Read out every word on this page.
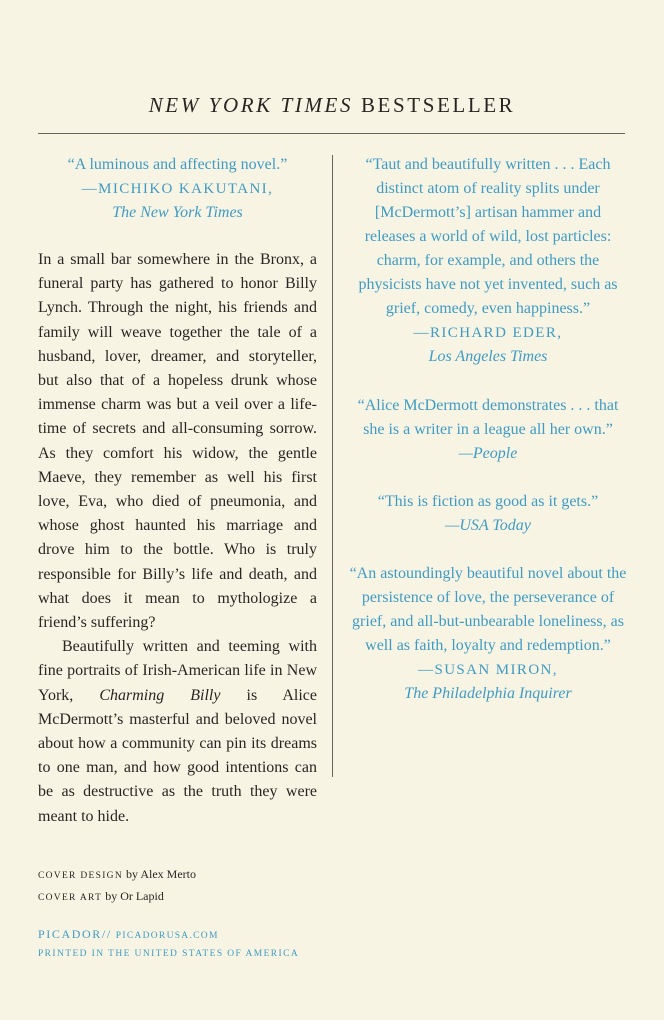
NEW YORK TIMES BESTSELLER
“A luminous and affecting novel.”
—MICHIKO KAKUTANI,
The New York Times
“Taut and beautifully written . . . Each distinct atom of reality splits under [McDermott’s] artisan hammer and releases a world of wild, lost particles: charm, for example, and others the physicists have not yet invented, such as grief, comedy, even happiness.”
—RICHARD EDER,
Los Angeles Times
“Alice McDermott demonstrates . . . that she is a writer in a league all her own.”
—People
“This is fiction as good as it gets.”
—USA Today
“An astoundingly beautiful novel about the persistence of love, the perseverance of grief, and all-but-unbearable loneliness, as well as faith, loyalty and redemption.”
—SUSAN MIRON,
The Philadelphia Inquirer

In a small bar somewhere in the Bronx, a funeral party has gathered to honor Billy Lynch. Through the night, his friends and family will weave together the tale of a husband, lover, dreamer, and storyteller, but also that of a hopeless drunk whose immense charm was but a veil over a lifetime of secrets and all-consuming sorrow. As they comfort his widow, the gentle Maeve, they remember as well his first love, Eva, who died of pneumonia, and whose ghost haunted his marriage and drove him to the bottle. Who is truly responsible for Billy’s life and death, and what does it mean to mythologize a friend’s suffering?

Beautifully written and teeming with fine portraits of Irish-American life in New York, Charming Billy is Alice McDermott’s masterful and beloved novel about how a community can pin its dreams to one man, and how good intentions can be as destructive as the truth they were meant to hide.

COVER DESIGN by Alex Merto
COVER ART by Or Lapid
PICADOR// PICADORUSA.COM
PRINTED IN THE UNITED STATES OF AMERICA
